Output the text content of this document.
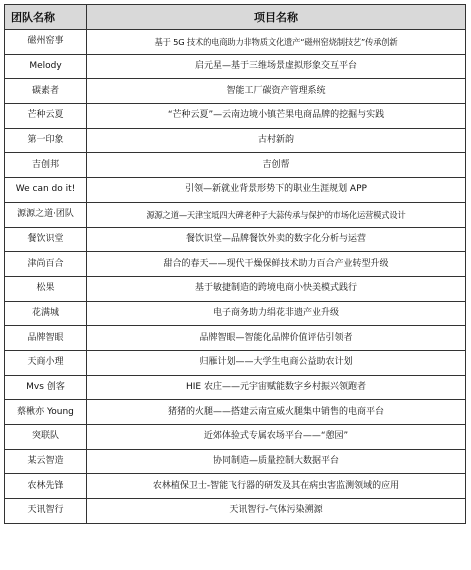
团队名称	项目名称
磁州窑事	基于 5G 技术的电商助力非物质文化遗产“磁州窑烧制技艺”传承创新
Melody	启元星—基于三维场景虚拟形象交互平台
碳素者	智能工厂碳资产管理系统
芒种云夏	“芒种云夏”—云南边境小镇芒果电商品牌的挖掘与实践
第一印象	古村新韵
吉创邦	吉创帮
We can do it!	引领—新就业背景形势下的职业生涯规划 APP
源源之道·团队	源源之道—天津宝坻四大碑老种子大蒜传承与保护的市场化运营模式设计
餐饮识堂	餐饮识堂—品牌餐饮外卖的数字化分析与运营
津尚百合	甜合的春天——现代干燥保鲜技术助力百合产业转型升级
松果	基于敏捷制造的跨境电商小快美模式践行
花满城	电子商务助力绢花非遗产业升级
品牌智眼	品牌智眼—智能化品牌价值评估引领者
天商小理	归雁计划——大学生电商公益助农计划
Mvs 创客	HIE 农庄——元宇宙赋能数字乡村振兴领跑者
蔡楸亦 Young	猪猪的火腿——搭建云南宣威火腿集中销售的电商平台
突联队	近郊体验式专属农场平台——“憩园”
某云智造	协同制造—质量控制大数据平台
农林先锋	农林植保卫士-智能飞行器的研发及其在病虫害监测领域的应用
天讯智行	天讯智行-气体污染溯源
